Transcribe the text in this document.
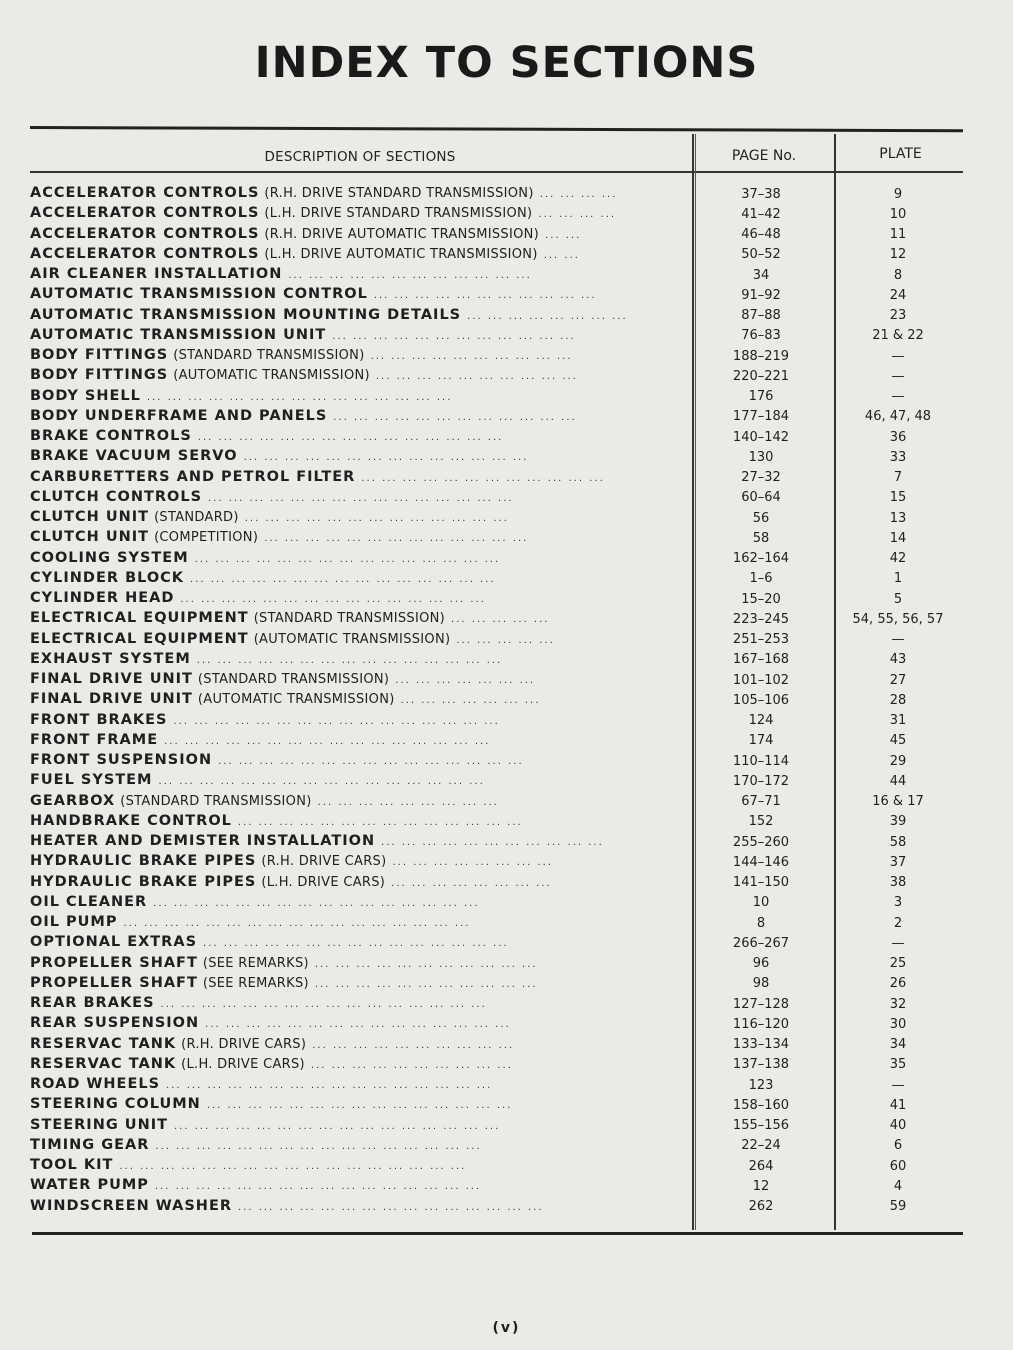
INDEX TO SECTIONS
DESCRIPTION OF SECTIONS	PAGE No.	PLATE
ACCELERATOR CONTROLS (R.H. DRIVE STANDARD TRANSMISSION) ... ... ... ...	37–38	9
ACCELERATOR CONTROLS (L.H. DRIVE STANDARD TRANSMISSION) ... ... ... ...	41–42	10
ACCELERATOR CONTROLS (R.H. DRIVE AUTOMATIC TRANSMISSION) ... ...	46–48	11
ACCELERATOR CONTROLS (L.H. DRIVE AUTOMATIC TRANSMISSION) ... ...	50–52	12
AIR CLEANER INSTALLATION ... ... ... ... ... ... ... ... ... ... ... ...	34	8
AUTOMATIC TRANSMISSION CONTROL ... ... ... ... ... ... ... ... ... ... ...	91–92	24
AUTOMATIC TRANSMISSION MOUNTING DETAILS ... ... ... ... ... ... ... ...	87–88	23
AUTOMATIC TRANSMISSION UNIT ... ... ... ... ... ... ... ... ... ... ... ...	76–83	21 & 22
BODY FITTINGS (STANDARD TRANSMISSION) ... ... ... ... ... ... ... ... ... ...	188–219	—
BODY FITTINGS (AUTOMATIC TRANSMISSION) ... ... ... ... ... ... ... ... ... ...	220–221	—
BODY SHELL ... ... ... ... ... ... ... ... ... ... ... ... ... ... ...	176	—
BODY UNDERFRAME AND PANELS ... ... ... ... ... ... ... ... ... ... ... ...	177–184	46, 47, 48
BRAKE CONTROLS ... ... ... ... ... ... ... ... ... ... ... ... ... ... ...	140–142	36
BRAKE VACUUM SERVO ... ... ... ... ... ... ... ... ... ... ... ... ... ...	130	33
CARBURETTERS AND PETROL FILTER ... ... ... ... ... ... ... ... ... ... ... ...	27–32	7
CLUTCH CONTROLS ... ... ... ... ... ... ... ... ... ... ... ... ... ... ...	60–64	15
CLUTCH UNIT (STANDARD) ... ... ... ... ... ... ... ... ... ... ... ... ...	56	13
CLUTCH UNIT (COMPETITION) ... ... ... ... ... ... ... ... ... ... ... ... ...	58	14
COOLING SYSTEM ... ... ... ... ... ... ... ... ... ... ... ... ... ... ...	162–164	42
CYLINDER BLOCK ... ... ... ... ... ... ... ... ... ... ... ... ... ... ...	1–6	1
CYLINDER HEAD ... ... ... ... ... ... ... ... ... ... ... ... ... ... ...	15–20	5
ELECTRICAL EQUIPMENT (STANDARD TRANSMISSION) ... ... ... ... ...	223–245	54, 55, 56, 57
ELECTRICAL EQUIPMENT (AUTOMATIC TRANSMISSION) ... ... ... ... ...	251–253	—
EXHAUST SYSTEM ... ... ... ... ... ... ... ... ... ... ... ... ... ... ...	167–168	43
FINAL DRIVE UNIT (STANDARD TRANSMISSION) ... ... ... ... ... ... ...	101–102	27
FINAL DRIVE UNIT (AUTOMATIC TRANSMISSION) ... ... ... ... ... ... ...	105–106	28
FRONT BRAKES ... ... ... ... ... ... ... ... ... ... ... ... ... ... ... ...	124	31
FRONT FRAME ... ... ... ... ... ... ... ... ... ... ... ... ... ... ... ...	174	45
FRONT SUSPENSION ... ... ... ... ... ... ... ... ... ... ... ... ... ... ...	110–114	29
FUEL SYSTEM ... ... ... ... ... ... ... ... ... ... ... ... ... ... ... ...	170–172	44
GEARBOX (STANDARD TRANSMISSION) ... ... ... ... ... ... ... ... ...	67–71	16 & 17
HANDBRAKE CONTROL ... ... ... ... ... ... ... ... ... ... ... ... ... ...	152	39
HEATER AND DEMISTER INSTALLATION ... ... ... ... ... ... ... ... ... ... ...	255–260	58
HYDRAULIC BRAKE PIPES (R.H. DRIVE CARS) ... ... ... ... ... ... ... ...	144–146	37
HYDRAULIC BRAKE PIPES (L.H. DRIVE CARS) ... ... ... ... ... ... ... ...	141–150	38
OIL CLEANER ... ... ... ... ... ... ... ... ... ... ... ... ... ... ... ...	10	3
OIL PUMP ... ... ... ... ... ... ... ... ... ... ... ... ... ... ... ... ...	8	2
OPTIONAL EXTRAS ... ... ... ... ... ... ... ... ... ... ... ... ... ... ...	266–267	—
PROPELLER SHAFT (SEE REMARKS) ... ... ... ... ... ... ... ... ... ... ...	96	25
PROPELLER SHAFT (SEE REMARKS) ... ... ... ... ... ... ... ... ... ... ...	98	26
REAR BRAKES ... ... ... ... ... ... ... ... ... ... ... ... ... ... ... ...	127–128	32
REAR SUSPENSION ... ... ... ... ... ... ... ... ... ... ... ... ... ... ...	116–120	30
RESERVAC TANK (R.H. DRIVE CARS) ... ... ... ... ... ... ... ... ... ...	133–134	34
RESERVAC TANK (L.H. DRIVE CARS) ... ... ... ... ... ... ... ... ... ...	137–138	35
ROAD WHEELS ... ... ... ... ... ... ... ... ... ... ... ... ... ... ... ...	123	—
STEERING COLUMN ... ... ... ... ... ... ... ... ... ... ... ... ... ... ...	158–160	41
STEERING UNIT ... ... ... ... ... ... ... ... ... ... ... ... ... ... ... ...	155–156	40
TIMING GEAR ... ... ... ... ... ... ... ... ... ... ... ... ... ... ... ...	22–24	6
TOOL KIT ... ... ... ... ... ... ... ... ... ... ... ... ... ... ... ... ...	264	60
WATER PUMP ... ... ... ... ... ... ... ... ... ... ... ... ... ... ... ...	12	4
WINDSCREEN WASHER ... ... ... ... ... ... ... ... ... ... ... ... ... ... ...	262	59
(v)
